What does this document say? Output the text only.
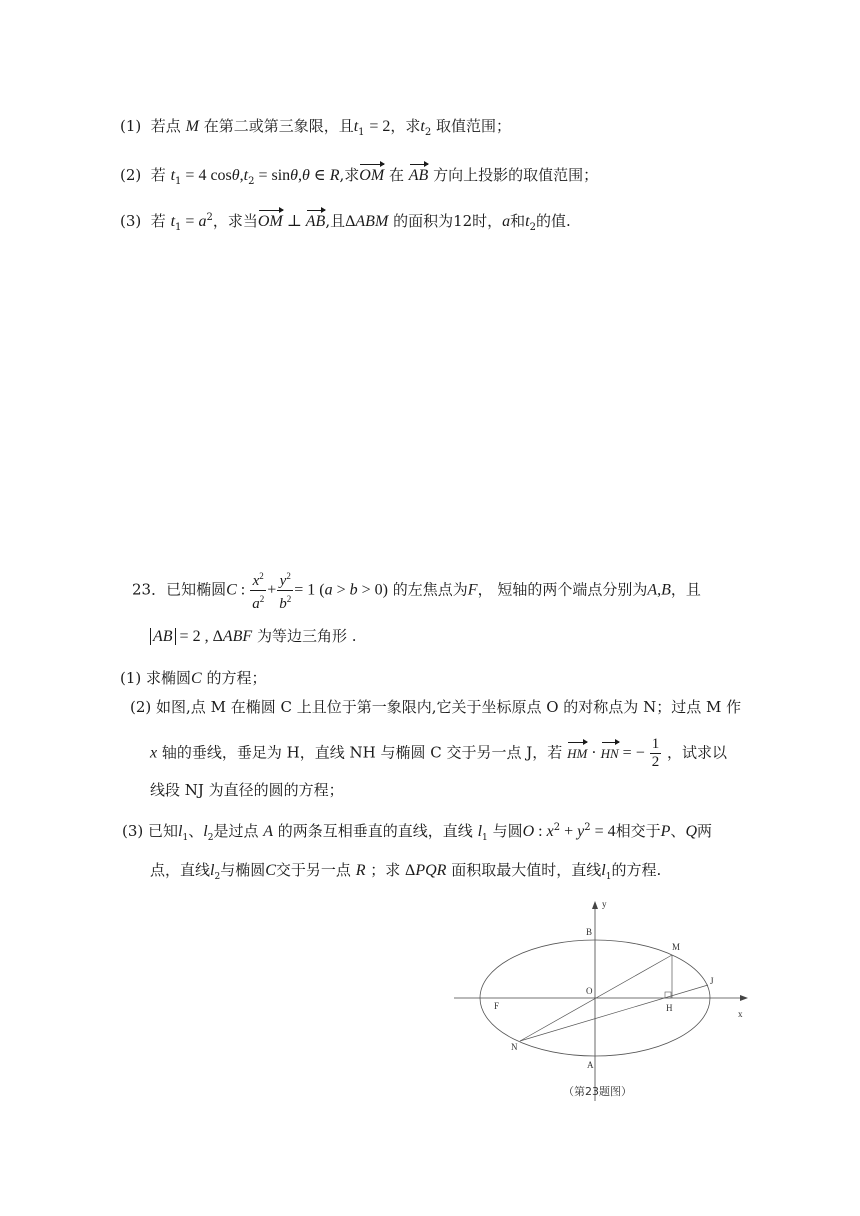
(1) 若点 M 在第二或第三象限，且$t_1 = 2$，求$t_2$ 取值范围；
(2) 若 $t_1 = 4$ $\cos\theta,t_2 = \sin\theta,\theta$ ∈ R,求OM 在 AB 方向上投影的取值范围；
(3) 若 $t_1 = a^2$，求当OM ⊥ AB,且ΔABM 的面积为12时，a和$t_2$的值.
23．已知椭圆C : $\frac{x^2}{a^2} + \frac{y^2}{b^2} = 1$ (a > b > 0) 的左焦点为F， 短轴的两个端点分别为A,B，且
AB = 2 , ΔABF 为等边三角形 .
(1) 求椭圆C 的方程；
(2) 如图,点 M 在椭圆 C 上且位于第一象限内,它关于坐标原点 O 的对称点为 N；过点 M 作
x 轴的垂线，垂足为 H，直线 NH 与椭圆 C 交于另一点 J，若 HM · HN = − $\frac{1}{2}$ ，试求以
线段 NJ 为直径的圆的方程；
(3) 已知$l_1$、$l_2$是过点 A 的两条互相垂直的直线，直线 $l_1$ 与圆O : $x^2 + y^2 = 4$相交于P、Q两
点，直线$l_2$与椭圆C交于另一点 R ；求 ΔPQR 面积取最大值时，直线$l_1$的方程.
y
x
B
M
J
O
F	H
N
A
（第23题图）
